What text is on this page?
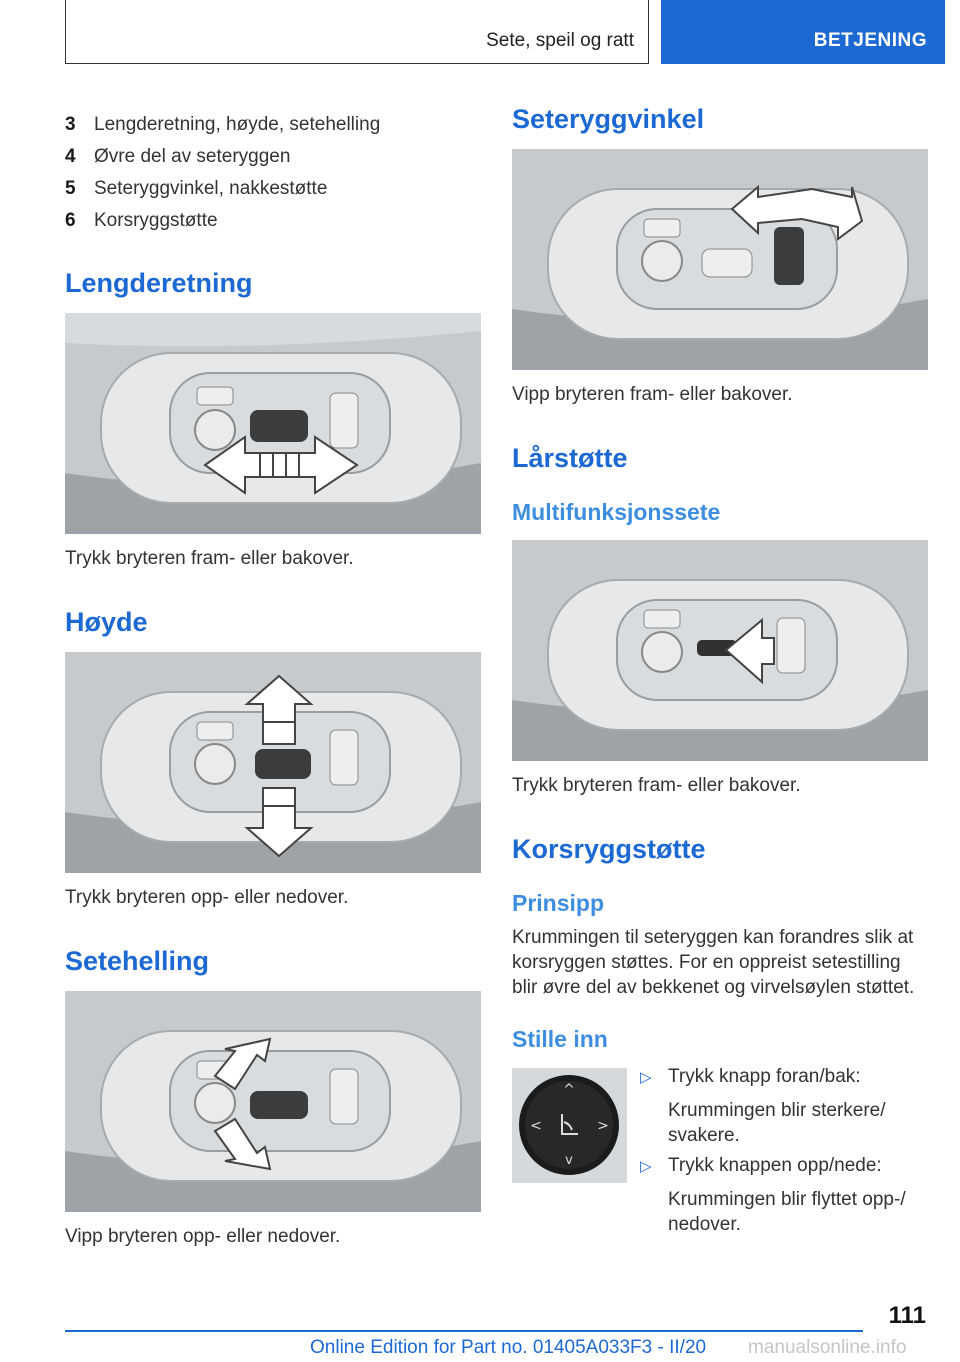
Sete, speil og ratt	BETJENING
3 Lengderetning, høyde, setehelling
4 Øvre del av seteryggen
5 Seteryggvinkel, nakkestøtte
6 Korsryggstøtte
Lengderetning
Trykk bryteren fram- eller bakover.
Høyde
Trykk bryteren opp- eller nedover.
Setehelling
Vipp bryteren opp- eller nedover.
Seteryggvinkel
Vipp bryteren fram- eller bakover.
Lårstøtte
Multifunksjonssete
Trykk bryteren fram- eller bakover.
Korsryggstøtte
Prinsipp
Krummingen til seteryggen kan forandres slik at korsryggen støttes. For en oppreist setestilling blir øvre del av bekkenet og virvelsøylen støttet.
Stille inn
^
v
<	>
▷ Trykk knapp foran/bak:
Krummingen blir sterkere/ svakere.
▷ Trykk knappen opp/nede:
Krummingen blir flyttet opp-/ nedover.
111
Online Edition for Part no. 01405A033F3 - II/20 manualsonline.info
